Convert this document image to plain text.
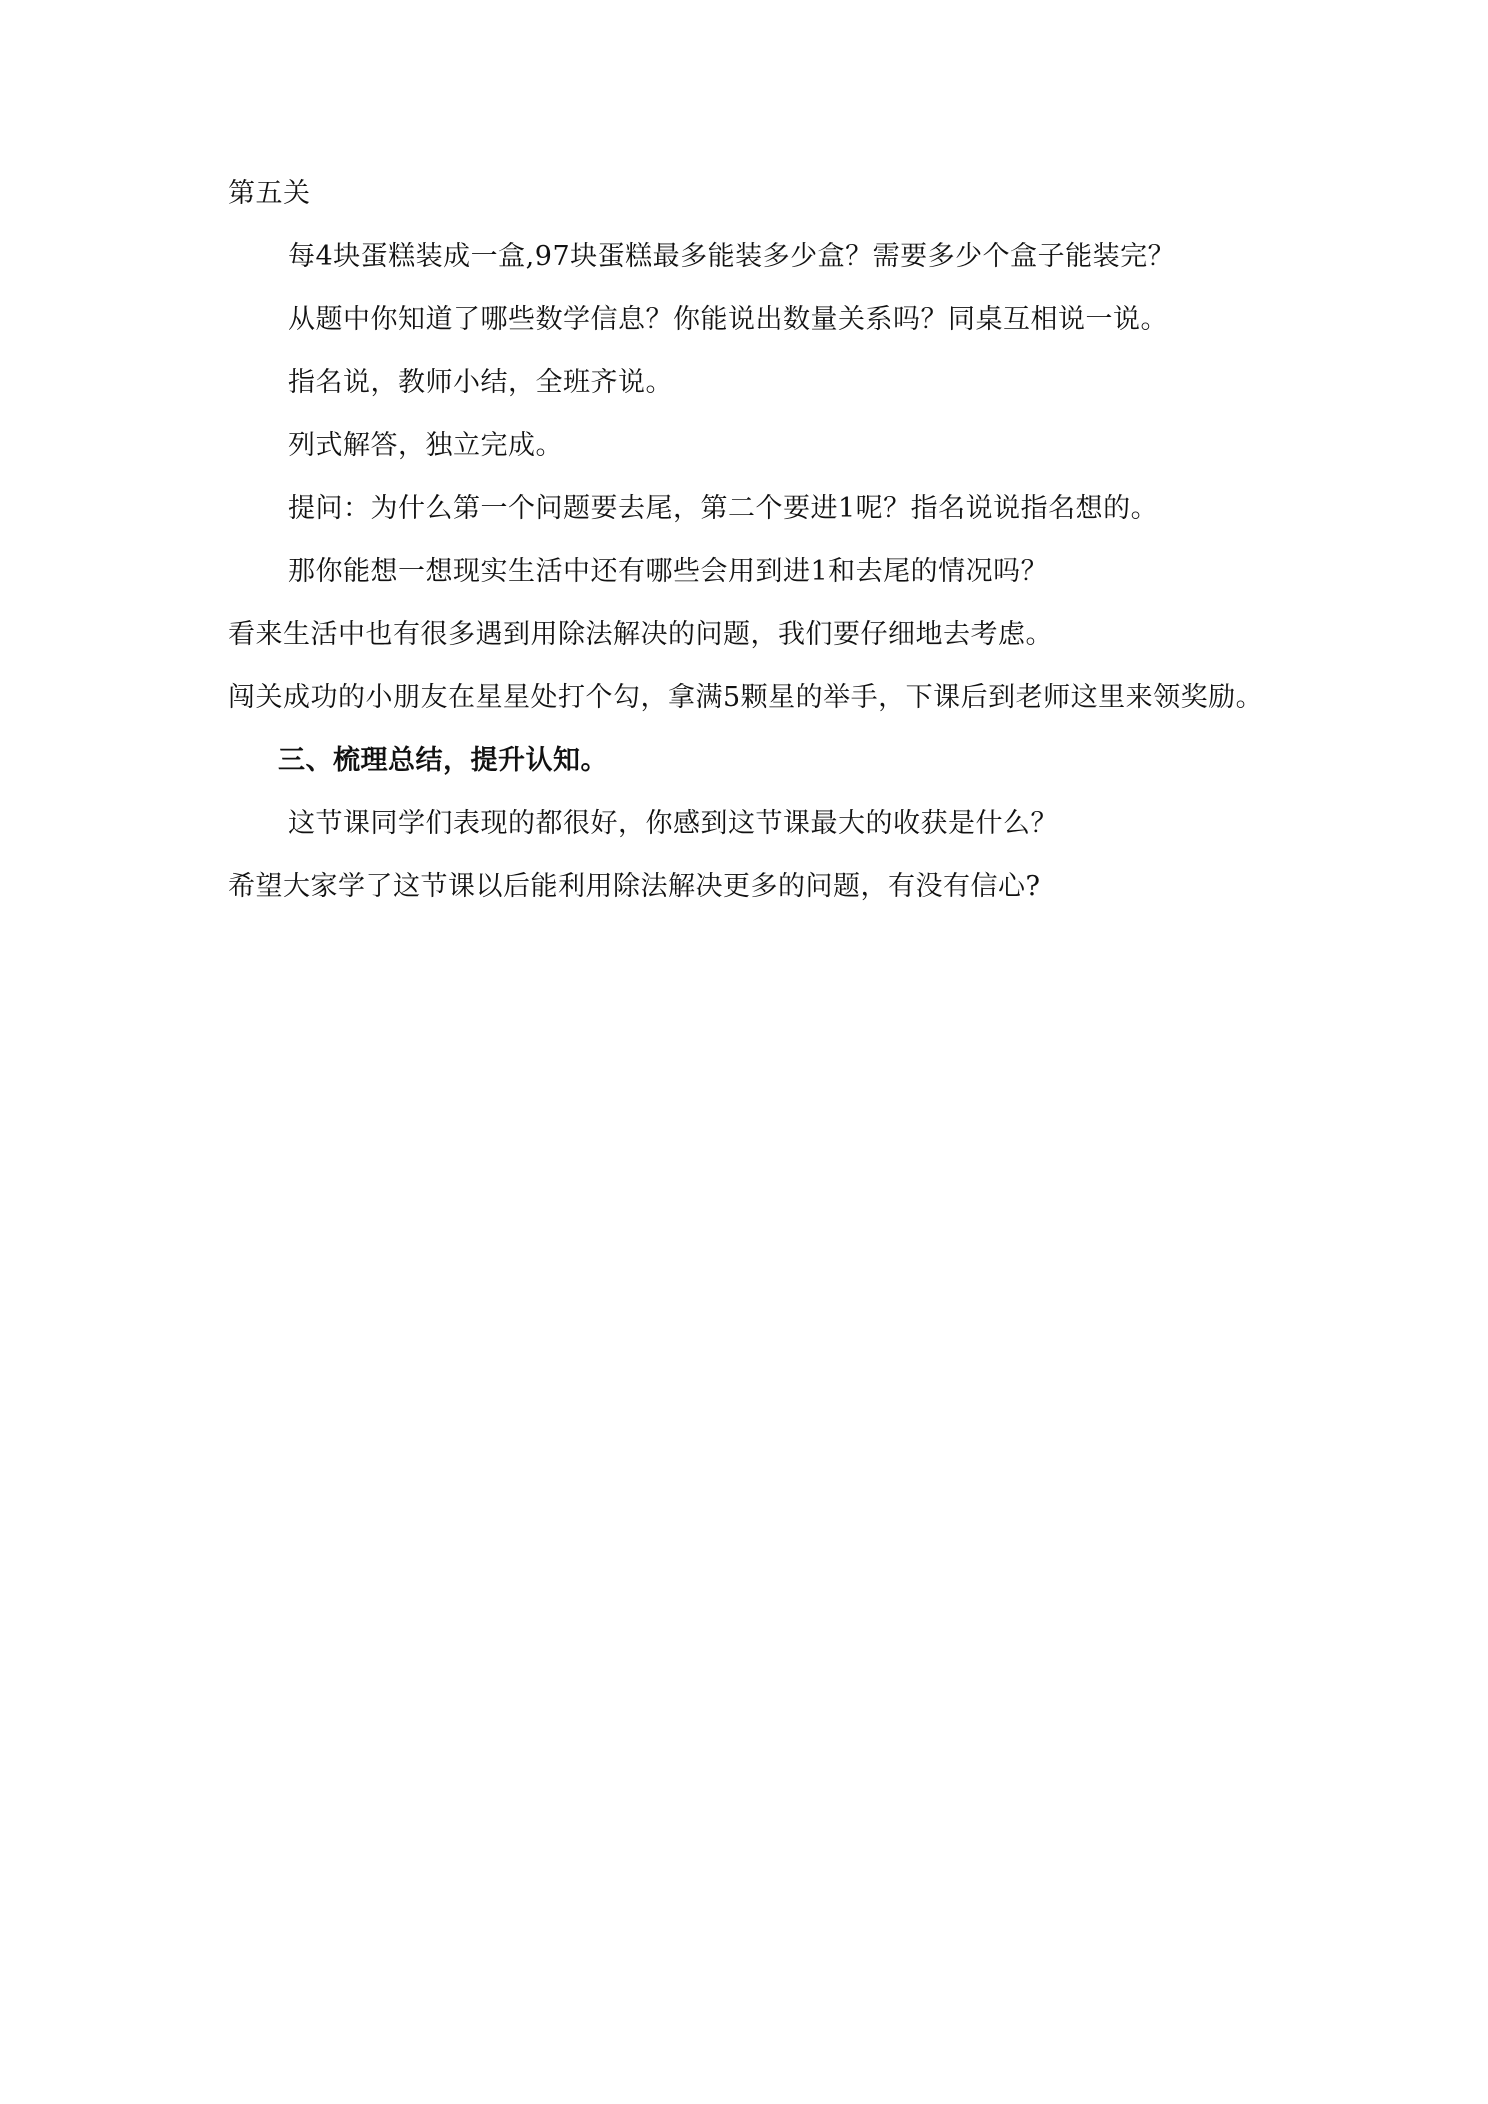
第五关
每4块蛋糕装成一盒,97块蛋糕最多能装多少盒？需要多少个盒子能装完？
从题中你知道了哪些数学信息？你能说出数量关系吗？同桌互相说一说。
指名说，教师小结，全班齐说。
列式解答，独立完成。
提问：为什么第一个问题要去尾，第二个要进1呢？指名说说指名想的。
那你能想一想现实生活中还有哪些会用到进1和去尾的情况吗？
看来生活中也有很多遇到用除法解决的问题，我们要仔细地去考虑。
闯关成功的小朋友在星星处打个勾，拿满5颗星的举手，下课后到老师这里来领奖励。
三、梳理总结，提升认知。
这节课同学们表现的都很好，你感到这节课最大的收获是什么？
希望大家学了这节课以后能利用除法解决更多的问题，有没有信心?
